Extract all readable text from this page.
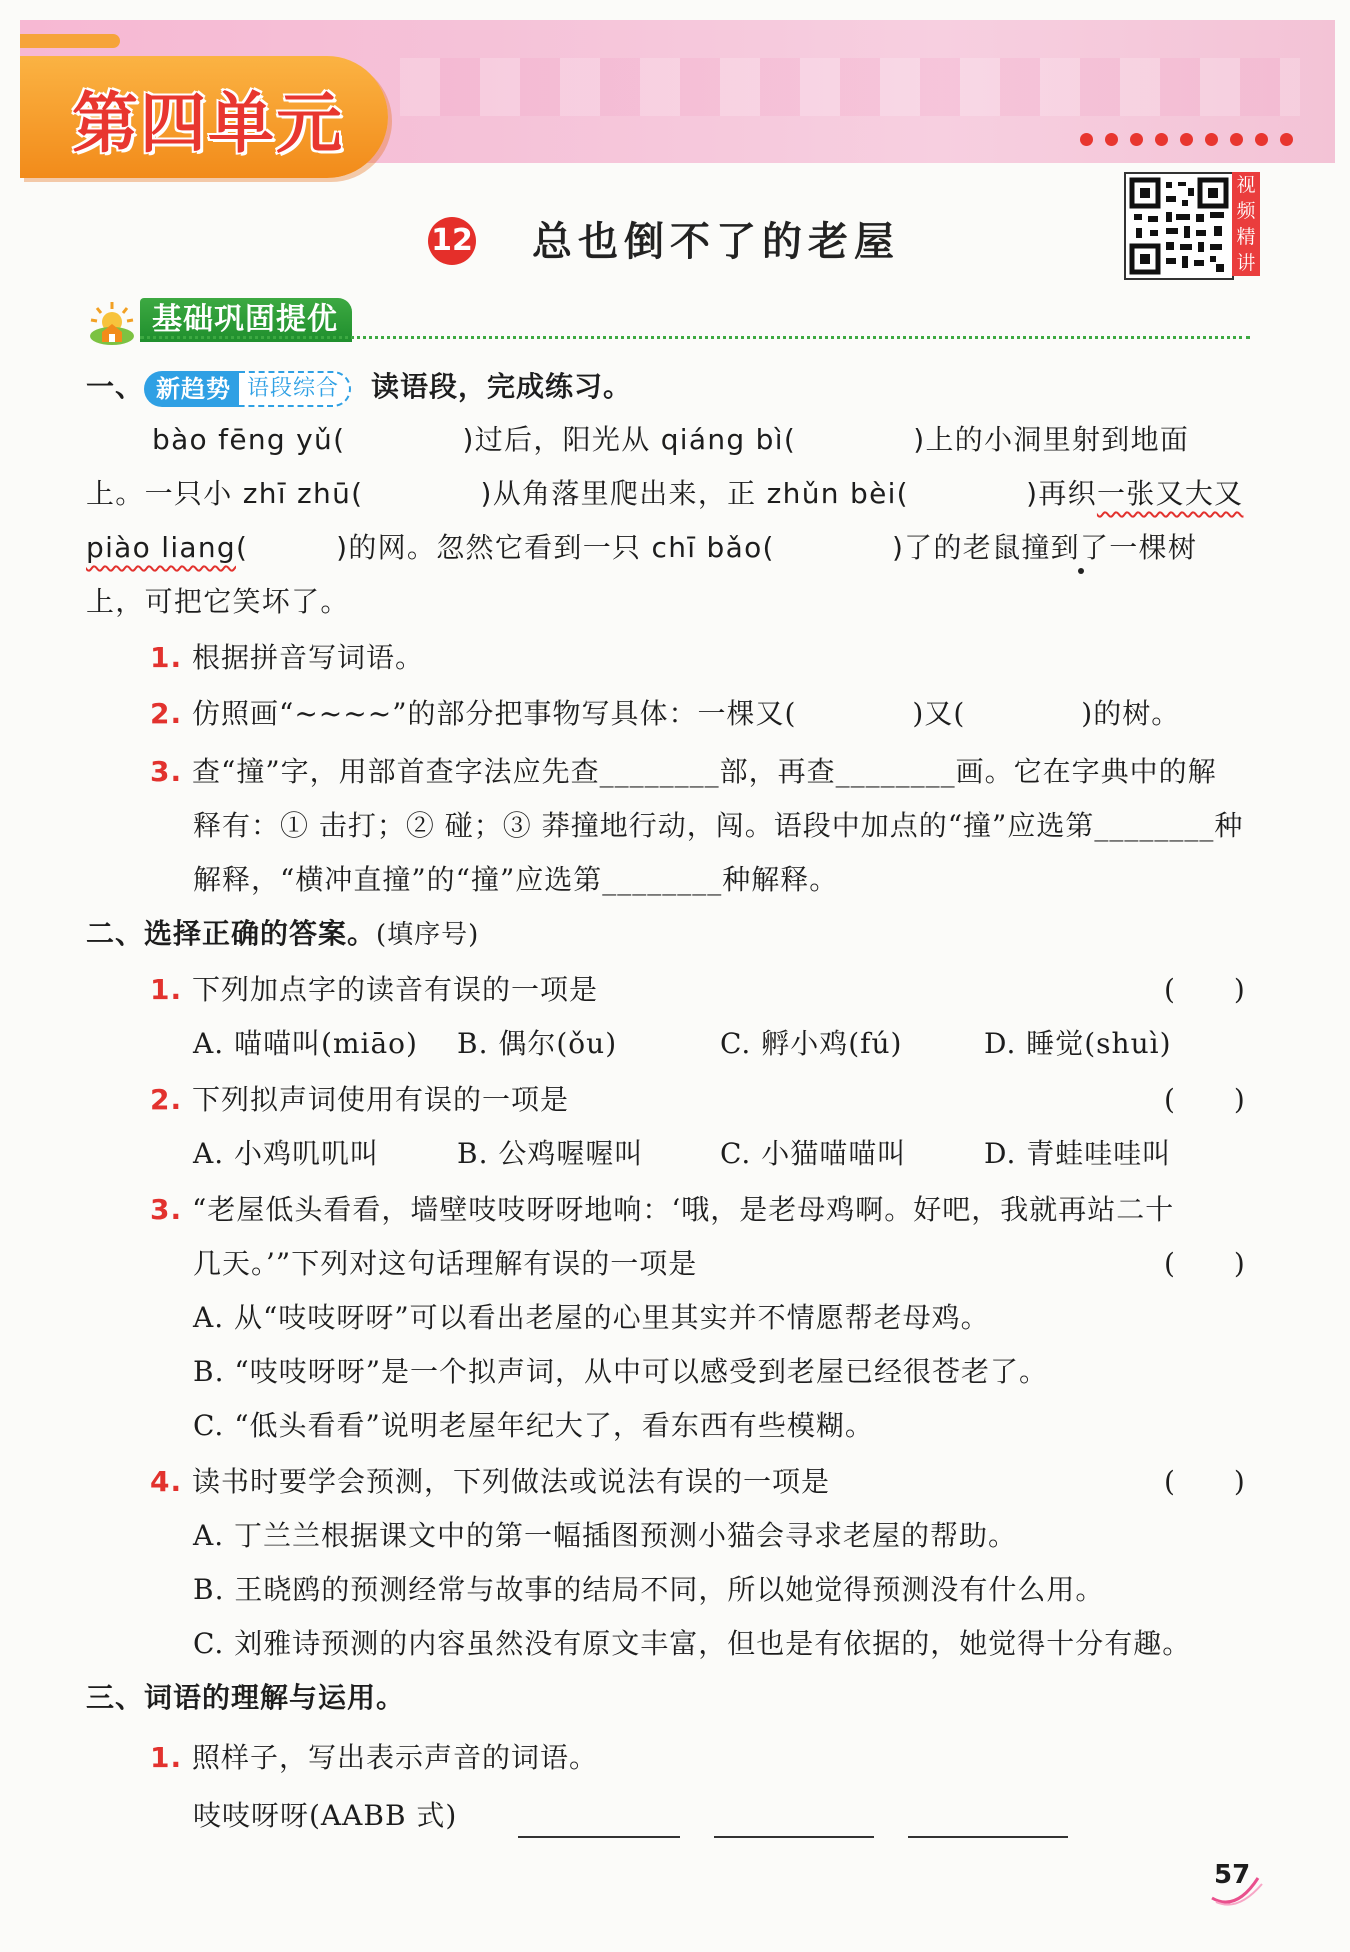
第四单元
12 总也倒不了的老屋
视频精讲
基础巩固提优
一、 新趋势 语段综合 读语段，完成练习。
bào fēng yǔ(　　　　)过后，阳光从 qiáng bì(　　　　)上的小洞里射到地面
上。一只小 zhī zhū(　　　　)从角落里爬出来，正 zhǔn bèi(　　　　)再织一张又大又
piào liang(　　　)的网。忽然它看到一只 chī bǎo(　　　　)了的老鼠撞到了一棵树
上，可把它笑坏了。
1. 根据拼音写词语。
2. 仿照画“~~~~”的部分把事物写具体：一棵又(　　　　)又(　　　　)的树。
3. 查“撞”字，用部首查字法应先查________部，再查________画。它在字典中的解
释有：① 击打；② 碰；③ 莽撞地行动，闯。语段中加点的“撞”应选第________种
解释，“横冲直撞”的“撞”应选第________种解释。
二、选择正确的答案。(填序号)
1. 下列加点字的读音有误的一项是	(　　)
A. 喵喵叫(miāo) B. 偶尔(ǒu)	C. 孵小鸡(fú)	D. 睡觉(shuì)
2. 下列拟声词使用有误的一项是	(　　)
A. 小鸡叽叽叫	B. 公鸡喔喔叫	C. 小猫喵喵叫	D. 青蛙哇哇叫
3. “老屋低头看看，墙壁吱吱呀呀地响：‘哦，是老母鸡啊。好吧，我就再站二十
几天。’”下列对这句话理解有误的一项是	(　　)
A. 从“吱吱呀呀”可以看出老屋的心里其实并不情愿帮老母鸡。
B. “吱吱呀呀”是一个拟声词，从中可以感受到老屋已经很苍老了。
C. “低头看看”说明老屋年纪大了，看东西有些模糊。
4. 读书时要学会预测，下列做法或说法有误的一项是	(　　)
A. 丁兰兰根据课文中的第一幅插图预测小猫会寻求老屋的帮助。
B. 王晓鸥的预测经常与故事的结局不同，所以她觉得预测没有什么用。
C. 刘雅诗预测的内容虽然没有原文丰富，但也是有依据的，她觉得十分有趣。
三、词语的理解与运用。
1. 照样子，写出表示声音的词语。
吱吱呀呀(AABB 式)
57
